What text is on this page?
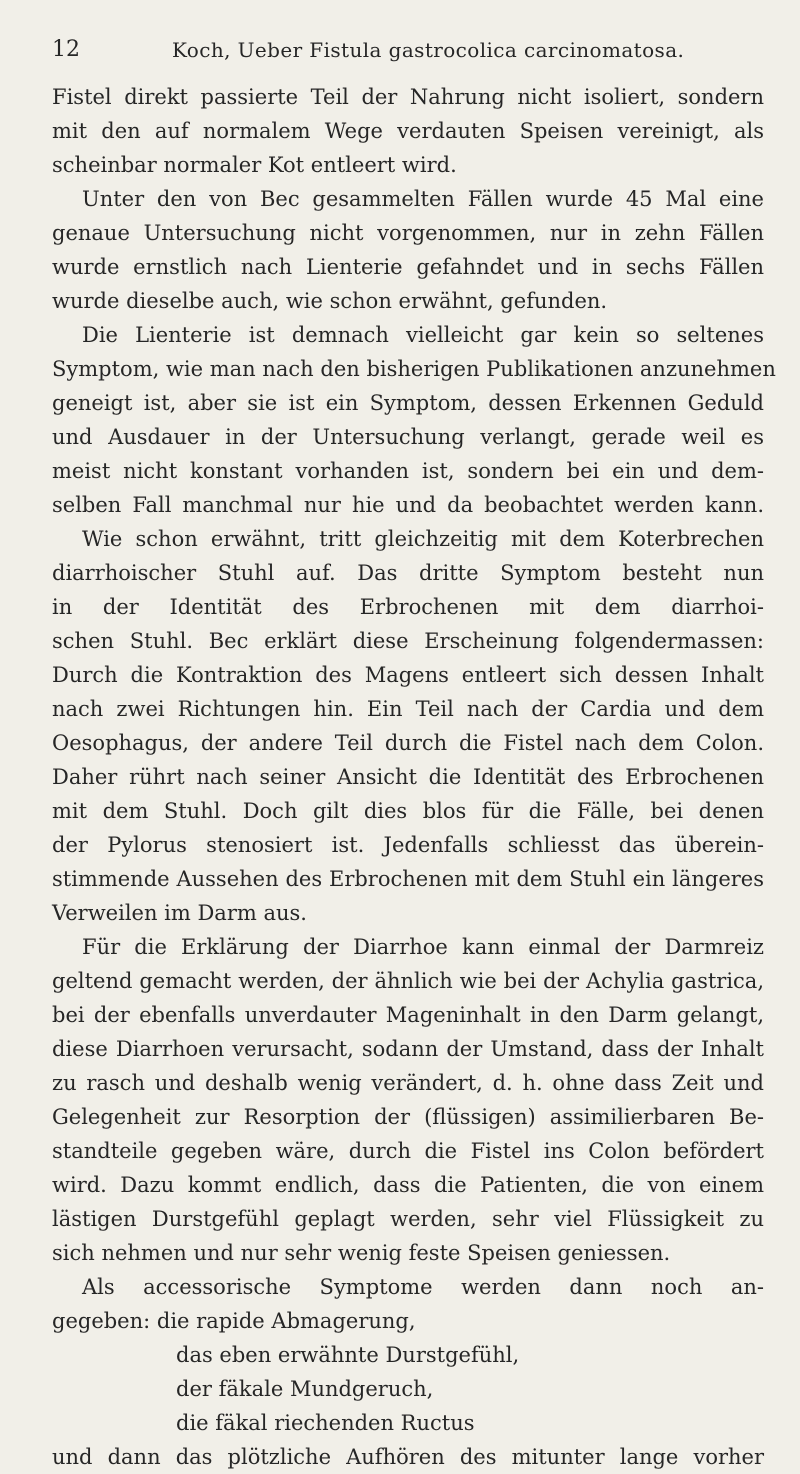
12	Koch, Ueber Fistula gastrocolica carcinomatosa.
Fistel direkt passierte Teil der Nahrung nicht isoliert, sondern
mit den auf normalem Wege verdauten Speisen vereinigt, als
scheinbar normaler Kot entleert wird.
Unter den von Bec gesammelten Fällen wurde 45 Mal eine
genaue Untersuchung nicht vorgenommen, nur in zehn Fällen
wurde ernstlich nach Lienterie gefahndet und in sechs Fällen
wurde dieselbe auch, wie schon erwähnt, gefunden.
Die Lienterie ist demnach vielleicht gar kein so seltenes
Symptom, wie man nach den bisherigen Publikationen anzunehmen
geneigt ist, aber sie ist ein Symptom, dessen Erkennen Geduld
und Ausdauer in der Untersuchung verlangt, gerade weil es
meist nicht konstant vorhanden ist, sondern bei ein und dem-
selben Fall manchmal nur hie und da beobachtet werden kann.
Wie schon erwähnt, tritt gleichzeitig mit dem Koterbrechen
diarrhoischer Stuhl auf. Das dritte Symptom besteht nun
in der Identität des Erbrochenen mit dem diarrhoi-
schen Stuhl. Bec erklärt diese Erscheinung folgendermassen:
Durch die Kontraktion des Magens entleert sich dessen Inhalt
nach zwei Richtungen hin. Ein Teil nach der Cardia und dem
Oesophagus, der andere Teil durch die Fistel nach dem Colon.
Daher rührt nach seiner Ansicht die Identität des Erbrochenen
mit dem Stuhl. Doch gilt dies blos für die Fälle, bei denen
der Pylorus stenosiert ist. Jedenfalls schliesst das überein-
stimmende Aussehen des Erbrochenen mit dem Stuhl ein längeres
Verweilen im Darm aus.
Für die Erklärung der Diarrhoe kann einmal der Darmreiz
geltend gemacht werden, der ähnlich wie bei der Achylia gastrica,
bei der ebenfalls unverdauter Mageninhalt in den Darm gelangt,
diese Diarrhoen verursacht, sodann der Umstand, dass der Inhalt
zu rasch und deshalb wenig verändert, d. h. ohne dass Zeit und
Gelegenheit zur Resorption der (flüssigen) assimilierbaren Be-
standteile gegeben wäre, durch die Fistel ins Colon befördert
wird. Dazu kommt endlich, dass die Patienten, die von einem
lästigen Durstgefühl geplagt werden, sehr viel Flüssigkeit zu
sich nehmen und nur sehr wenig feste Speisen geniessen.
Als accessorische Symptome werden dann noch an-
gegeben: die rapide Abmagerung,
das eben erwähnte Durstgefühl,
der fäkale Mundgeruch,
die fäkal riechenden Ructus
und dann das plötzliche Aufhören des mitunter lange vorher
